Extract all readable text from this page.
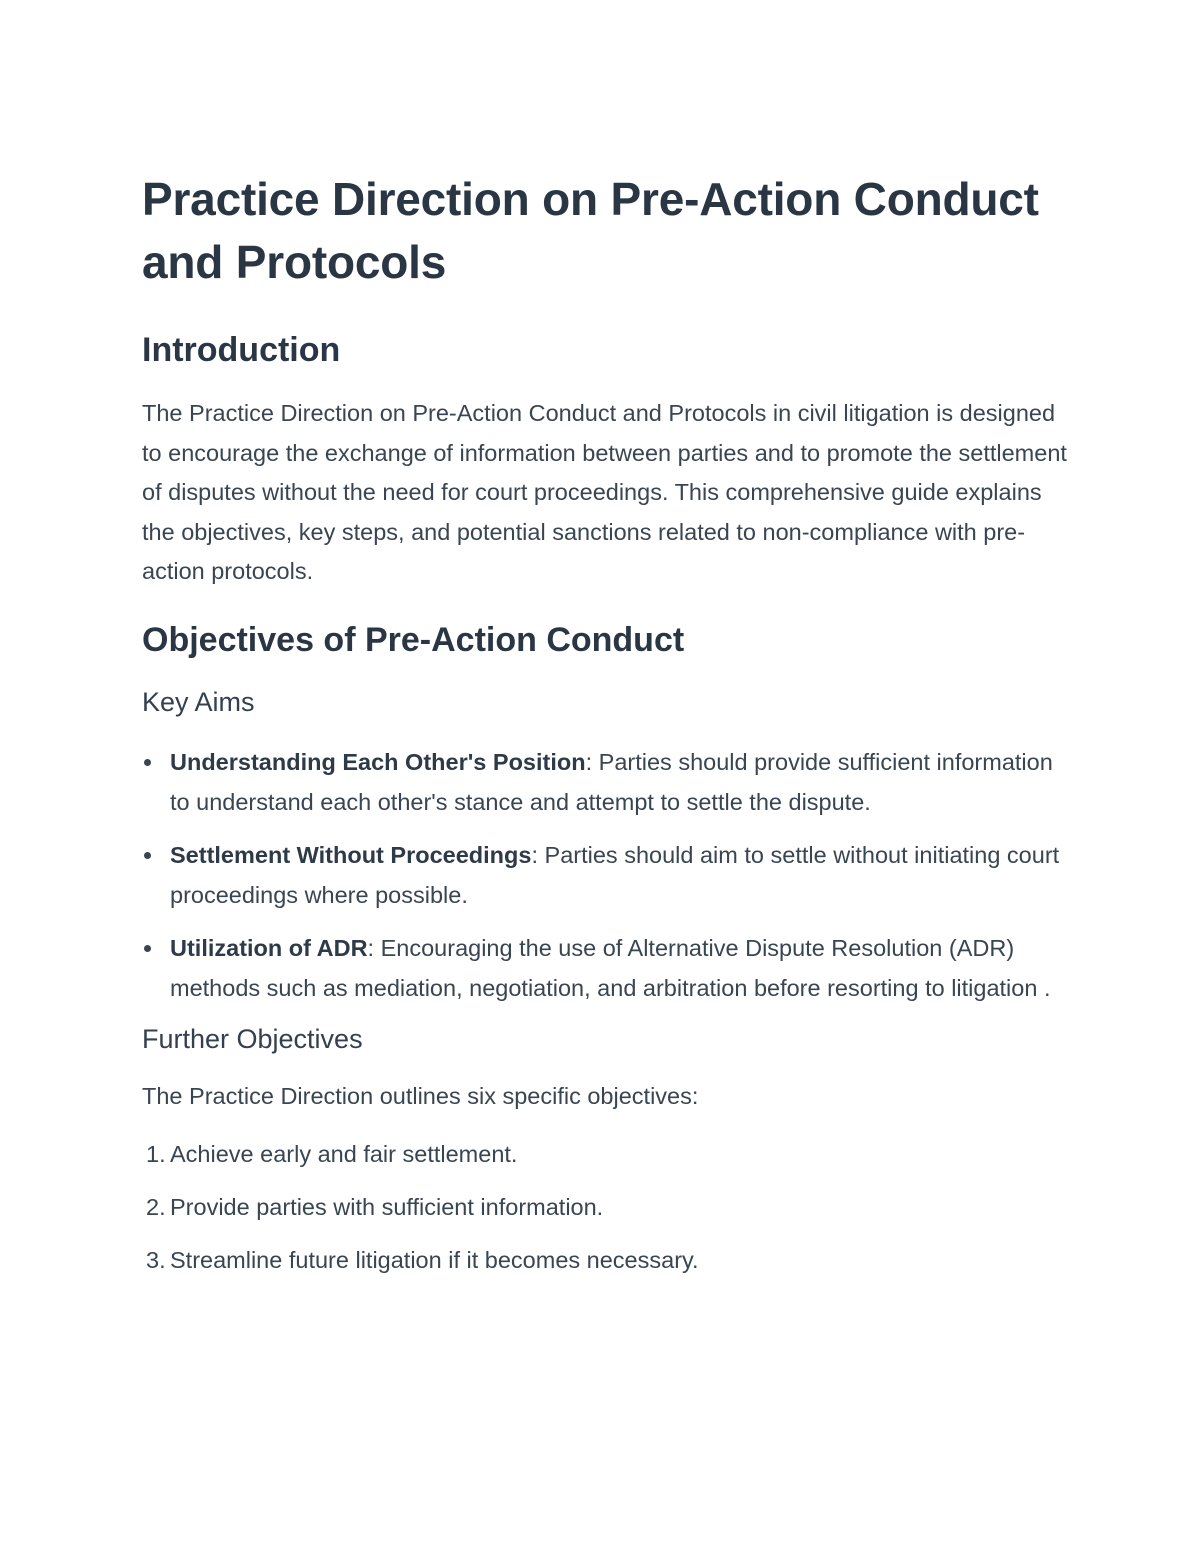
Practice Direction on Pre-Action Conduct and Protocols
Introduction

The Practice Direction on Pre-Action Conduct and Protocols in civil litigation is designed to encourage the exchange of information between parties and to promote the settlement of disputes without the need for court proceedings. This comprehensive guide explains the objectives, key steps, and potential sanctions related to non-compliance with pre-action protocols.

Objectives of Pre-Action Conduct
Key Aims
Understanding Each Other's Position: Parties should provide sufficient information to understand each other's stance and attempt to settle the dispute.
Settlement Without Proceedings: Parties should aim to settle without initiating court proceedings where possible.
Utilization of ADR: Encouraging the use of Alternative Dispute Resolution (ADR) methods such as mediation, negotiation, and arbitration before resorting to litigation .
Further Objectives

The Practice Direction outlines six specific objectives:

1. Achieve early and fair settlement.
2. Provide parties with sufficient information.
3. Streamline future litigation if it becomes necessary.
